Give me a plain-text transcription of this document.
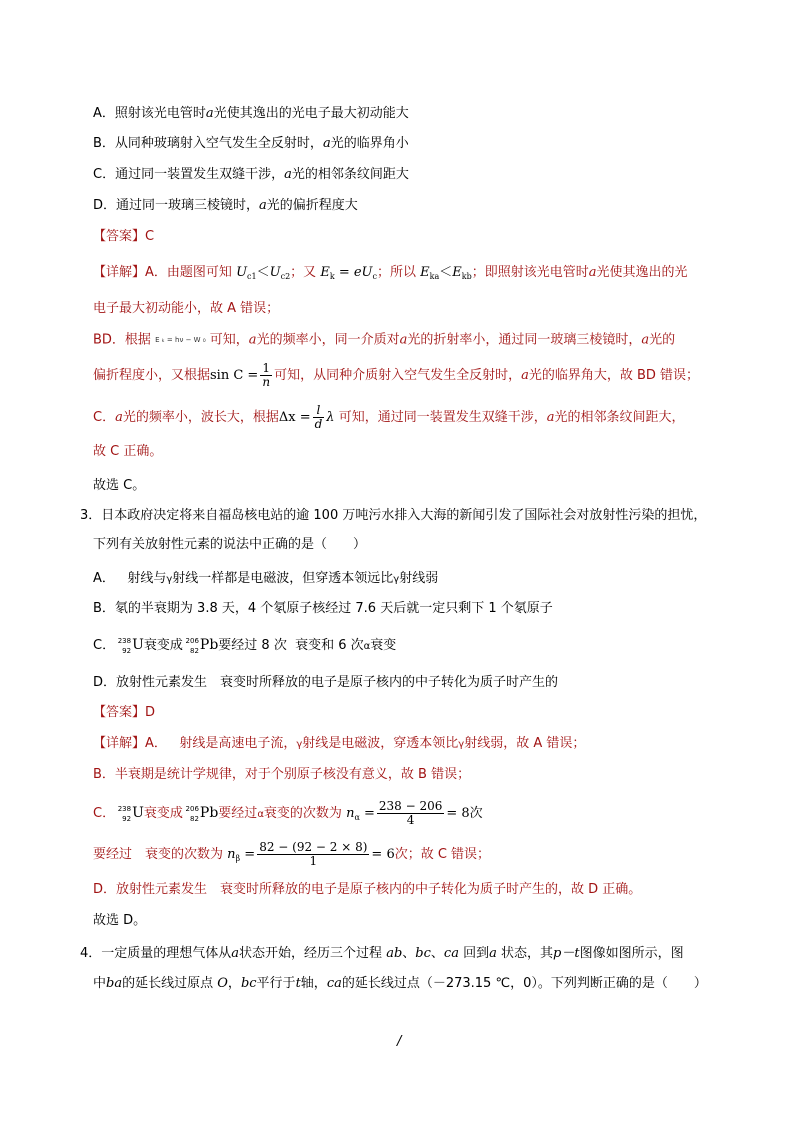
A．照射该光电管时a光使其逸出的光电子最大初动能大
B．从同种玻璃射入空气发生全反射时，a光的临界角小
C．通过同一装置发生双缝干涉，a光的相邻条纹间距大
D．通过同一玻璃三棱镜时，a光的偏折程度大
【答案】C
【详解】A．由题图可知 $U_{c1}<U_{c2}$；又 $E_k = eU_c$；所以 $E_{ka}<E_{kb}$；即照射该光电管时a光使其逸出的光
电子最大初动能小，故 A 错误；
BD．根据 E ₖ = hν − W ₀ 可知，a光的频率小，同一介质对a光的折射率小，通过同一玻璃三棱镜时，a光的
偏折程度小，又根据$\sin C = \frac{1}{n}$ 可知，从同种介质射入空气发生全反射时，a光的临界角大，故 BD 错误；
C．a光的频率小，波长大，根据$\Delta x = \frac{l}{d}$ λ 可知，通过同一装置发生双缝干涉，a光的相邻条纹间距大，
故 C 正确。
故选 C。
3．日本政府决定将来自福岛核电站的逾 100 万吨污水排入大海的新闻引发了国际社会对放射性污染的担忧，
下列有关放射性元素的说法中正确的是（　　）
A． 射线与γ射线一样都是电磁波，但穿透本领远比γ射线弱
B．氡的半衰期为 3.8 天，4 个氡原子核经过 7.6 天后就一定只剩下 1 个氡原子
C． 238
92 U衰变成 206
82 Pb要经过 8 次 衰变和 6 次α衰变
D．放射性元素发生　衰变时所释放的电子是原子核内的中子转化为质子时产生的
【答案】D
【详解】A． 射线是高速电子流，γ射线是电磁波，穿透本领比γ射线弱，故 A 错误；
B．半衰期是统计学规律，对于个别原子核没有意义，故 B 错误；
C． 238
92 U衰变成 206
82 Pb要经过α衰变的次数为 $n_\alpha = \frac{238 - 206}{4} = 8$次
要经过　衰变的次数为 $n_\beta = \frac{82 - (92 - 2 \times 8)}{1} = 6$次；故 C 错误；
D．放射性元素发生　衰变时所释放的电子是原子核内的中子转化为质子时产生的，故 D 正确。
故选 D。
4．一定质量的理想气体从a状态开始，经历三个过程 ab、bc、ca 回到a 状态，其p－t图像如图所示，图
中ba的延长线过原点 O，bc平行于t轴，ca的延长线过点（－273.15 ℃，0）。下列判断正确的是（　　）
/
